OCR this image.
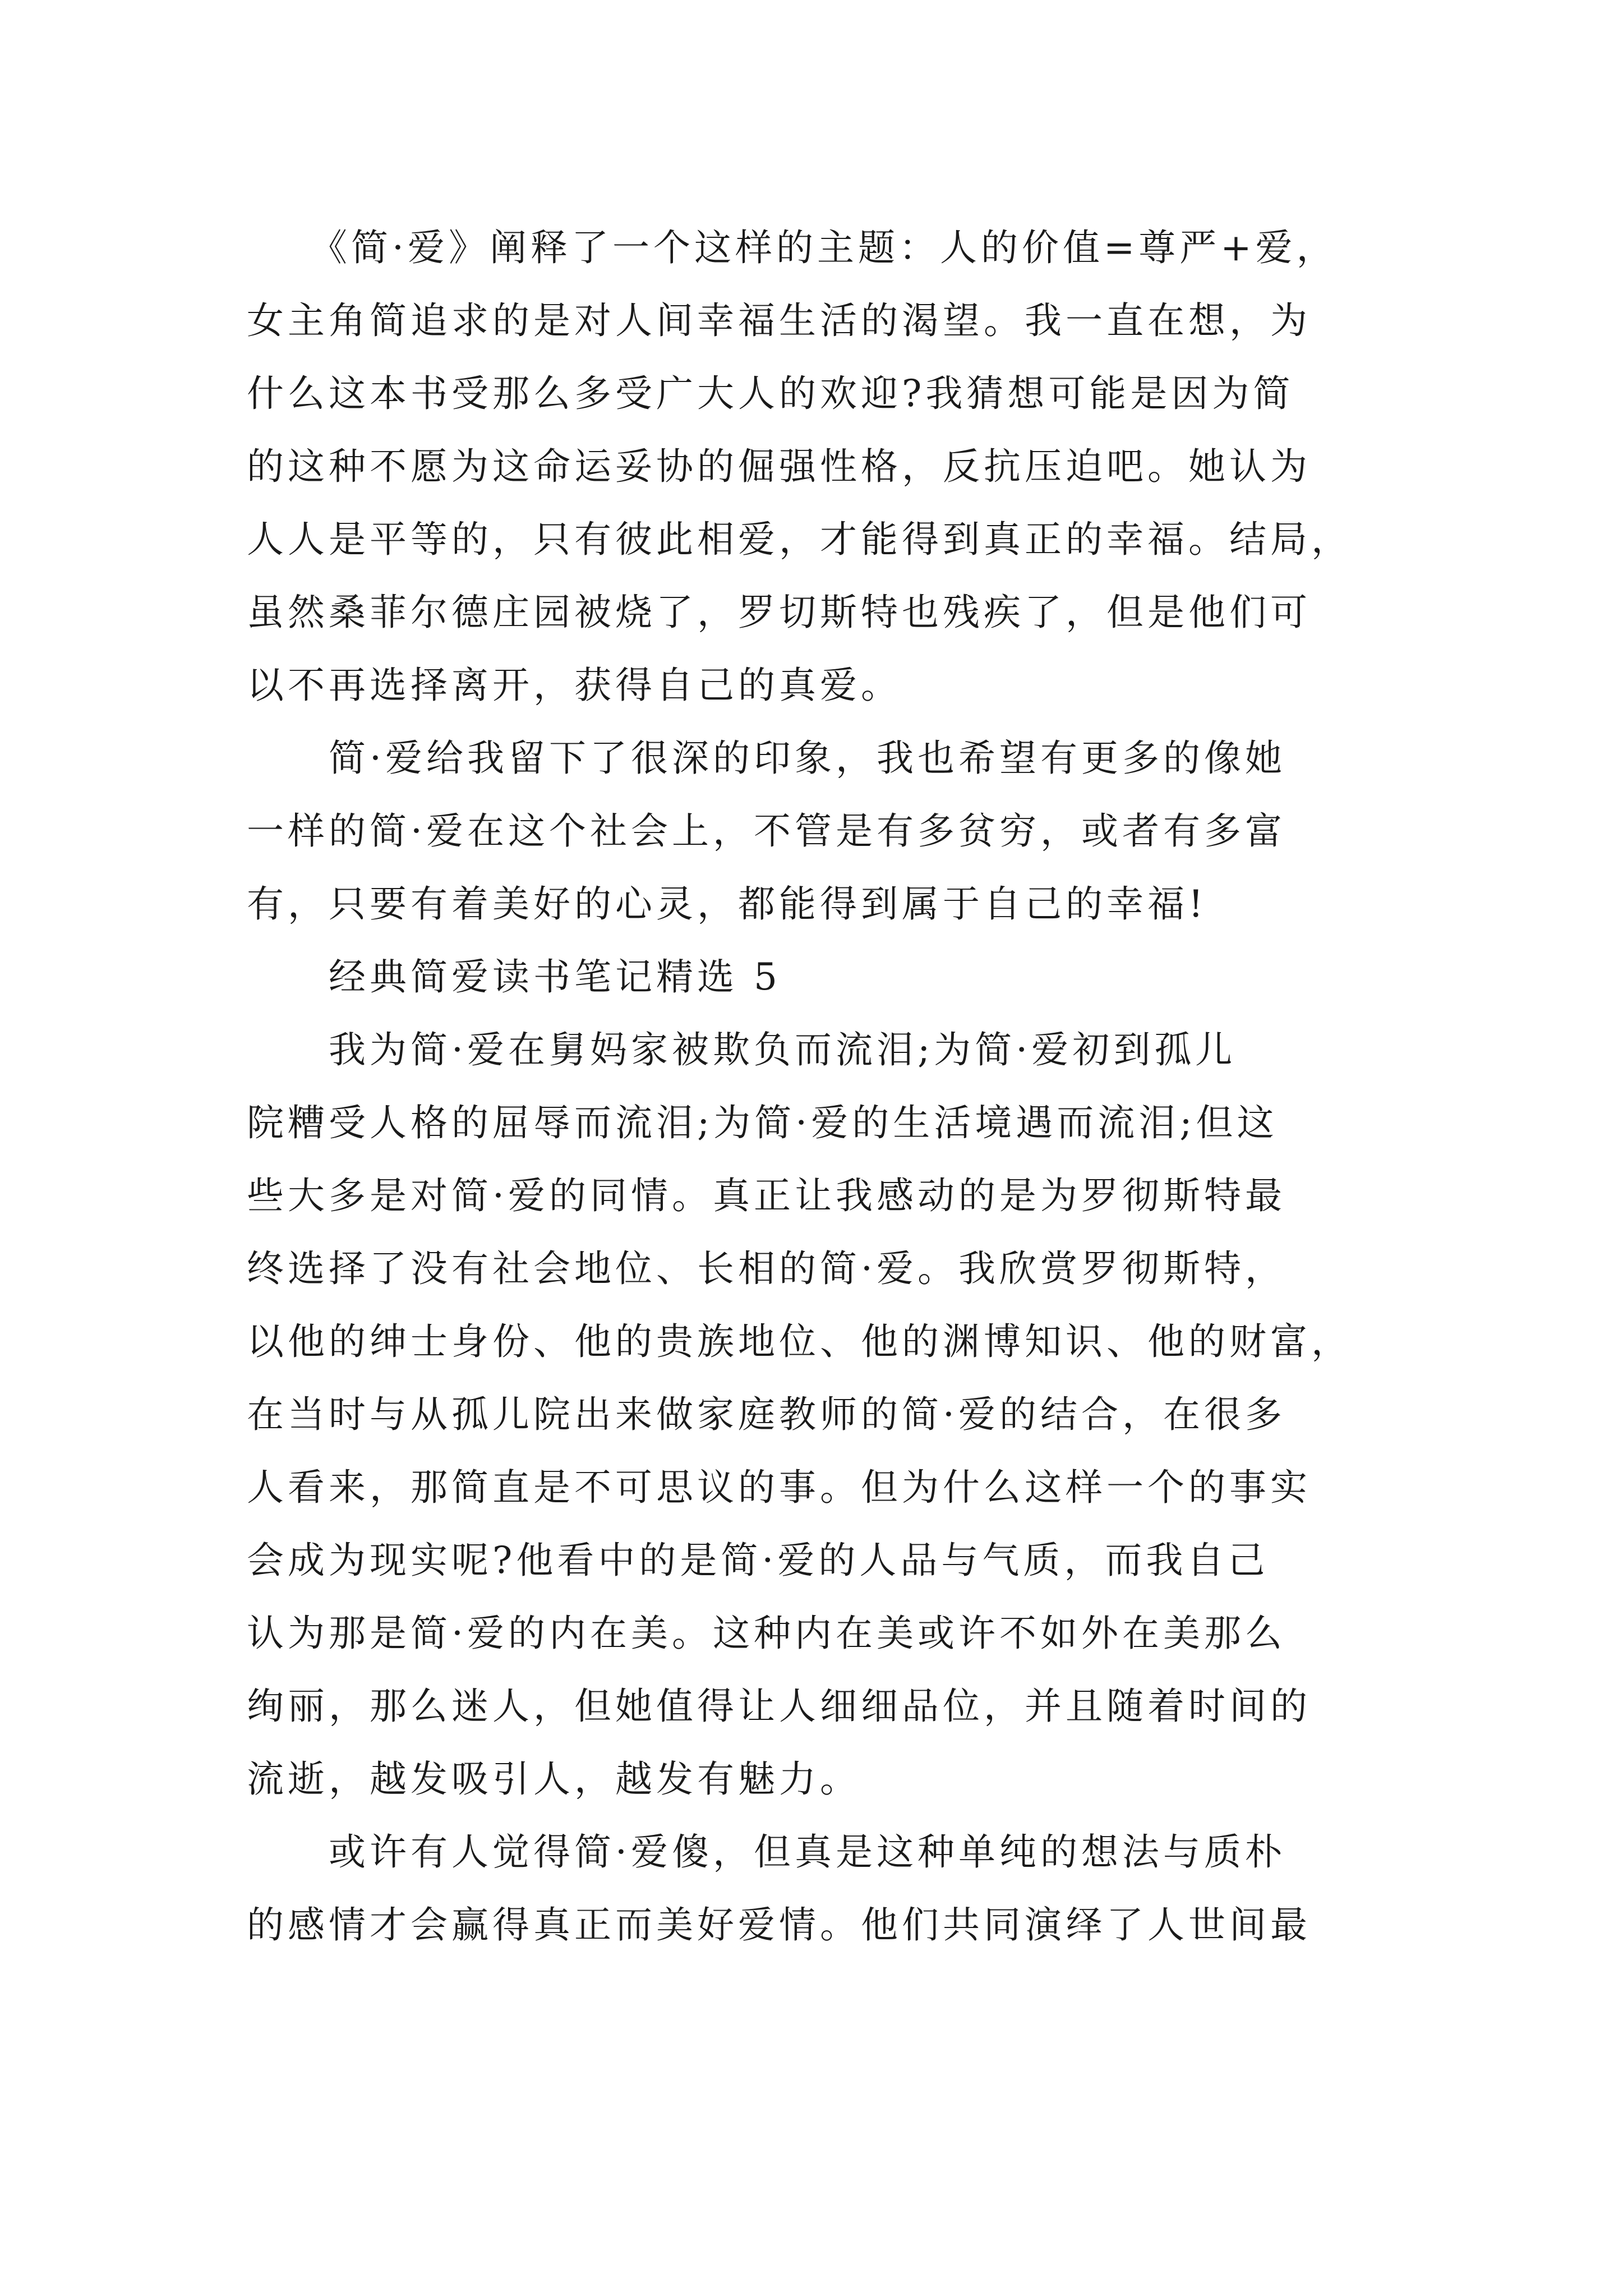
　　《简·爱》阐释了一个这样的主题：人的价值=尊严+爱，
女主角简追求的是对人间幸福生活的渴望。我一直在想，为
什么这本书受那么多受广大人的欢迎?我猜想可能是因为简
的这种不愿为这命运妥协的倔强性格，反抗压迫吧。她认为
人人是平等的，只有彼此相爱，才能得到真正的幸福。结局，
虽然桑菲尔德庄园被烧了，罗切斯特也残疾了，但是他们可
以不再选择离开，获得自己的真爱。
　　简·爱给我留下了很深的印象，我也希望有更多的像她
一样的简·爱在这个社会上，不管是有多贫穷，或者有多富
有，只要有着美好的心灵，都能得到属于自己的幸福!
　　经典简爱读书笔记精选 5
　　我为简·爱在舅妈家被欺负而流泪;为简·爱初到孤儿
院糟受人格的屈辱而流泪;为简·爱的生活境遇而流泪;但这
些大多是对简·爱的同情。真正让我感动的是为罗彻斯特最
终选择了没有社会地位、长相的简·爱。我欣赏罗彻斯特，
以他的绅士身份、他的贵族地位、他的渊博知识、他的财富，
在当时与从孤儿院出来做家庭教师的简·爱的结合，在很多
人看来，那简直是不可思议的事。但为什么这样一个的事实
会成为现实呢?他看中的是简·爱的人品与气质，而我自己
认为那是简·爱的内在美。这种内在美或许不如外在美那么
绚丽，那么迷人，但她值得让人细细品位，并且随着时间的
流逝，越发吸引人，越发有魅力。
　　或许有人觉得简·爱傻，但真是这种单纯的想法与质朴
的感情才会赢得真正而美好爱情。他们共同演绎了人世间最
